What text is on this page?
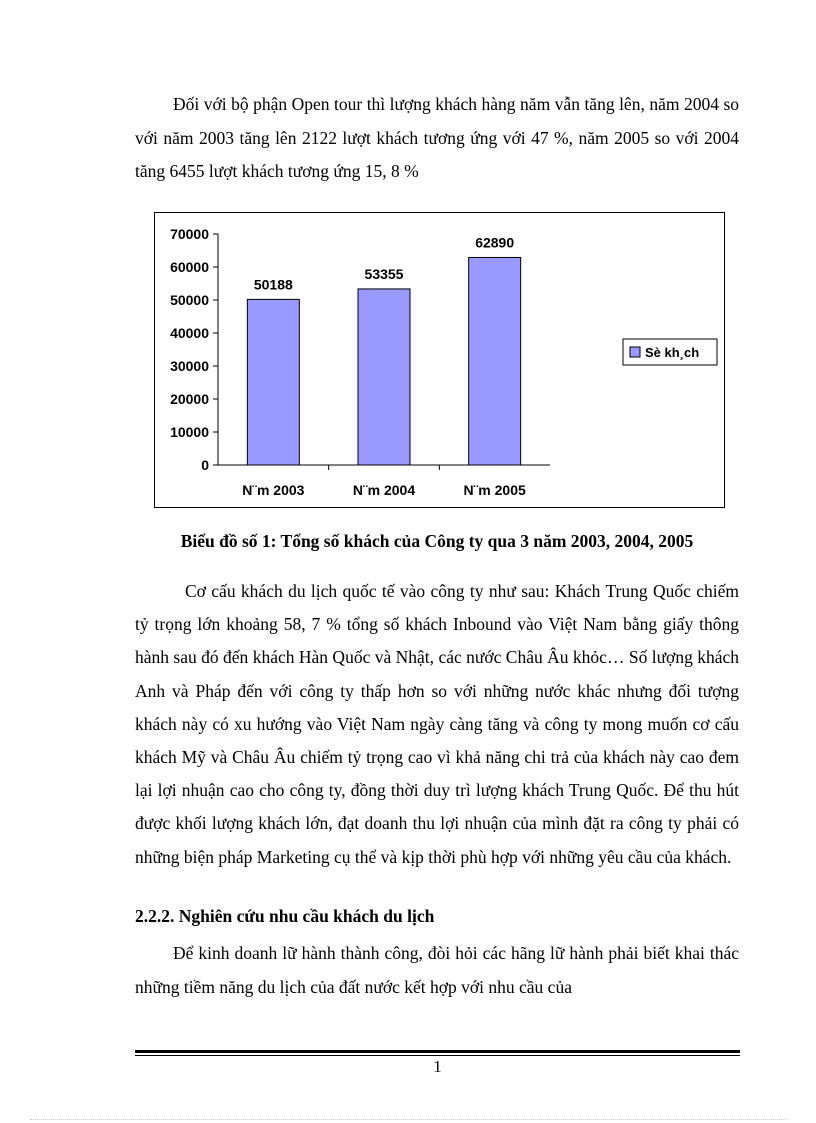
Đối với bộ phận Open tour thì lượng khách hàng năm vẫn tăng lên, năm 2004 so với năm 2003 tăng lên 2122 lượt khách tương ứng với 47 %, năm 2005 so với 2004 tăng 6455 lượt khách tương ứng 15, 8 %

0
10000
20000
30000
40000
50000
60000
70000
50188
N¨m 2003
53355
N¨m 2004
62890
N¨m 2005
Sè kh¸ch

Biểu đồ số 1: Tổng số khách của Công ty qua 3 năm 2003, 2004, 2005

Cơ cấu khách du lịch quốc tế vào công ty như sau: Khách Trung Quốc chiếm tỷ trọng lớn khoảng 58, 7 % tổng số khách Inbound vào Việt Nam bằng giấy thông hành sau đó đến khách Hàn Quốc và Nhật, các nước Châu Âu khỏc… Số lượng khách Anh và Pháp đến với công ty thấp hơn so với những nước khác nhưng đối tượng khách này có xu hướng vào Việt Nam ngày càng tăng và công ty mong muốn cơ cấu khách Mỹ và Châu Âu chiếm tỷ trọng cao vì khả năng chi trả của khách này cao đem lại lợi nhuận cao cho công ty, đồng thời duy trì lượng khách Trung Quốc. Để thu hút được khối lượng khách lớn, đạt doanh thu lợi nhuận của mình đặt ra công ty phải có những biện pháp Marketing cụ thể và kịp thời phù hợp với những yêu cầu của khách.

2.2.2. Nghiên cứu nhu cầu khách du lịch

Để kinh doanh lữ hành thành công, đòi hỏi các hãng lữ hành phải biết khai thác những tiềm năng du lịch của đất nước kết hợp với nhu cầu của

1
